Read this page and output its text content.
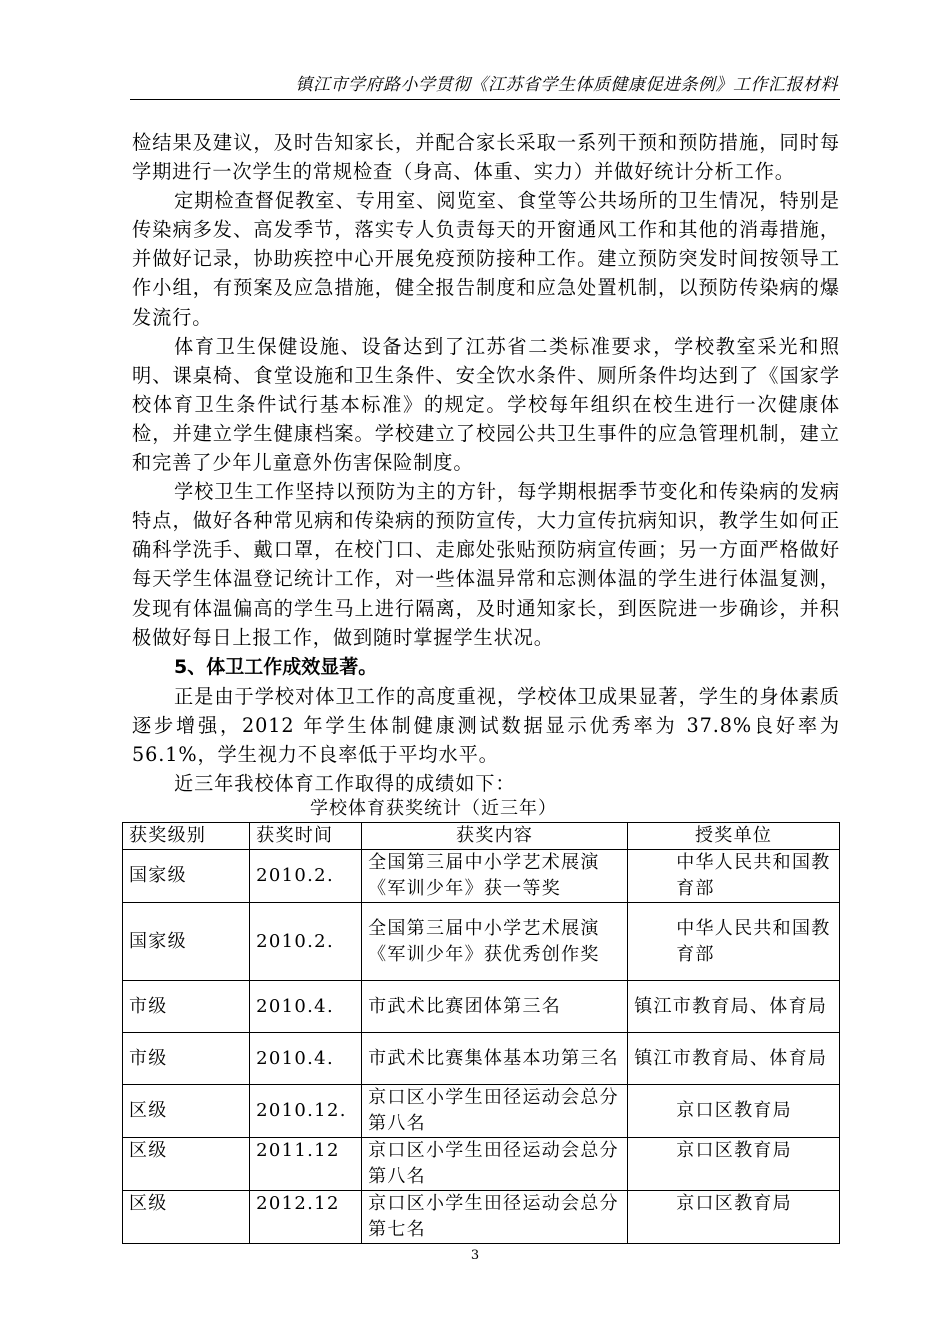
镇江市学府路小学贯彻《江苏省学生体质健康促进条例》工作汇报材料

检结果及建议，及时告知家长，并配合家长采取一系列干预和预防措施，同时每学期进行一次学生的常规检查（身高、体重、实力）并做好统计分析工作。

定期检查督促教室、专用室、阅览室、食堂等公共场所的卫生情况，特别是传染病多发、高发季节，落实专人负责每天的开窗通风工作和其他的消毒措施，并做好记录，协助疾控中心开展免疫预防接种工作。建立预防突发时间按领导工作小组，有预案及应急措施，健全报告制度和应急处置机制，以预防传染病的爆发流行。

体育卫生保健设施、设备达到了江苏省二类标准要求，学校教室采光和照明、课桌椅、食堂设施和卫生条件、安全饮水条件、厕所条件均达到了《国家学校体育卫生条件试行基本标准》的规定。学校每年组织在校生进行一次健康体检，并建立学生健康档案。学校建立了校园公共卫生事件的应急管理机制，建立和完善了少年儿童意外伤害保险制度。

学校卫生工作坚持以预防为主的方针，每学期根据季节变化和传染病的发病特点，做好各种常见病和传染病的预防宣传，大力宣传抗病知识，教学生如何正确科学洗手、戴口罩，在校门口、走廊处张贴预防病宣传画；另一方面严格做好每天学生体温登记统计工作，对一些体温异常和忘测体温的学生进行体温复测，发现有体温偏高的学生马上进行隔离，及时通知家长，到医院进一步确诊，并积极做好每日上报工作，做到随时掌握学生状况。

5、体卫工作成效显著。

正是由于学校对体卫工作的高度重视，学校体卫成果显著，学生的身体素质逐步增强，2012 年学生体制健康测试数据显示优秀率为 37.8%良好率为 56.1%，学生视力不良率低于平均水平。

近三年我校体育工作取得的成绩如下：

学校体育获奖统计（近三年）
获奖级别	获奖时间	获奖内容	授奖单位
国家级	2010.2.	全国第三届中小学艺术展演《军训少年》获一等奖	中华人民共和国教育部
国家级	2010.2.	全国第三届中小学艺术展演《军训少年》获优秀创作奖	中华人民共和国教育部
市级	2010.4.	市武术比赛团体第三名	镇江市教育局、体育局
市级	2010.4.	市武术比赛集体基本功第三名	镇江市教育局、体育局
区级	2010.12.	京口区小学生田径运动会总分第八名	京口区教育局
区级	2011.12	京口区小学生田径运动会总分第八名	京口区教育局
区级	2012.12	京口区小学生田径运动会总分第七名	京口区教育局
3
